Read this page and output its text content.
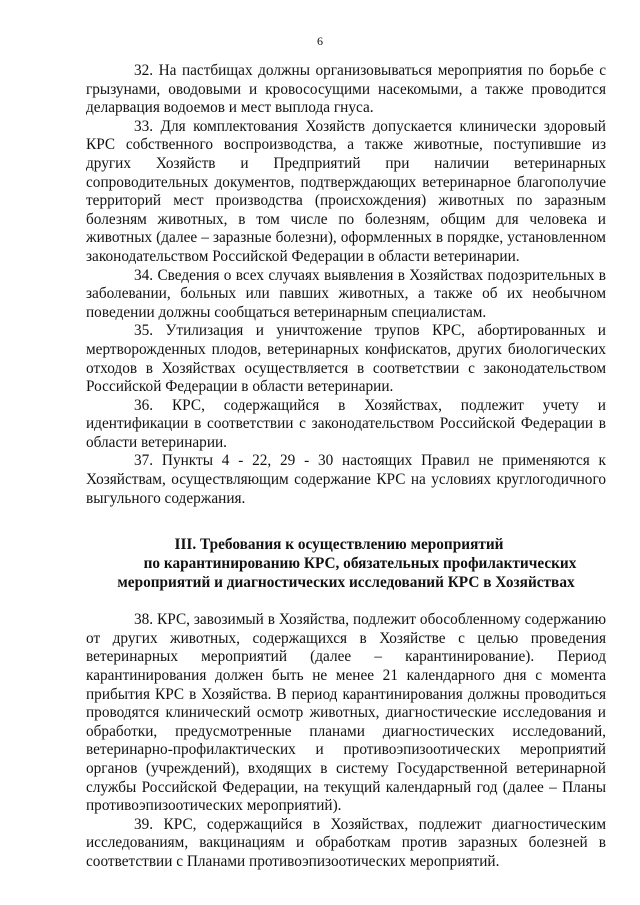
6

32. На пастбищах должны организовываться мероприятия по борьбе с грызунами, оводовыми и кровососущими насекомыми, а также проводится деларвация водоемов и мест выплода гнуса.

33. Для комплектования Хозяйств допускается клинически здоровый КРС собственного воспроизводства, а также животные, поступившие из других Хозяйств и Предприятий при наличии ветеринарных сопроводительных документов, подтверждающих ветеринарное благополучие территорий мест производства (происхождения) животных по заразным болезням животных, в том числе по болезням, общим для человека и животных (далее – заразные болезни), оформленных в порядке, установленном законодательством Российской Федерации в области ветеринарии.

34. Сведения о всех случаях выявления в Хозяйствах подозрительных в заболевании, больных или павших животных, а также об их необычном поведении должны сообщаться ветеринарным специалистам.

35. Утилизация и уничтожение трупов КРС, абортированных и мертворожденных плодов, ветеринарных конфискатов, других биологических отходов в Хозяйствах осуществляется в соответствии с законодательством Российской Федерации в области ветеринарии.

36. КРС, содержащийся в Хозяйствах, подлежит учету и идентификации в соответствии с законодательством Российской Федерации в области ветеринарии.

37. Пункты 4 - 22, 29 - 30 настоящих Правил не применяются к Хозяйствам, осуществляющим содержание КРС на условиях круглогодичного выгульного содержания.

III. Требования к осуществлению мероприятий
по карантинированию КРС, обязательных профилактических
мероприятий и диагностических исследований КРС в Хозяйствах

38. КРС, завозимый в Хозяйства, подлежит обособленному содержанию от других животных, содержащихся в Хозяйстве с целью проведения ветеринарных мероприятий (далее – карантинирование). Период карантинирования должен быть не менее 21 календарного дня с момента прибытия КРС в Хозяйства. В период карантинирования должны проводиться проводятся клинический осмотр животных, диагностические исследования и обработки, предусмотренные планами диагностических исследований, ветеринарно-профилактических и противоэпизоотических мероприятий органов (учреждений), входящих в систему Государственной ветеринарной службы Российской Федерации, на текущий календарный год (далее – Планы противоэпизоотических мероприятий).

39. КРС, содержащийся в Хозяйствах, подлежит диагностическим исследованиям, вакцинациям и обработкам против заразных болезней в соответствии с Планами противоэпизоотических мероприятий.
